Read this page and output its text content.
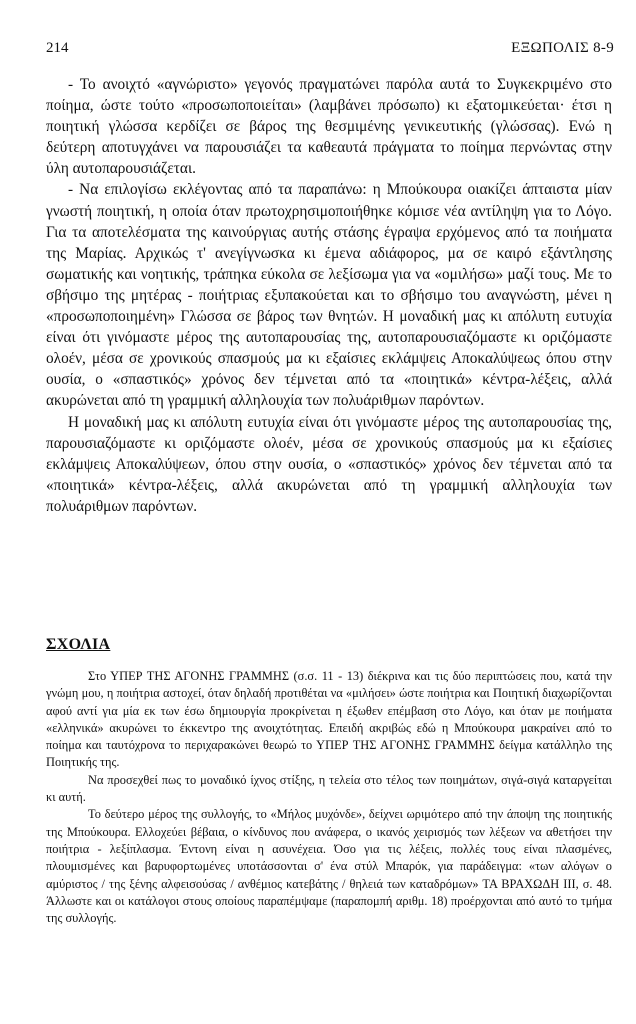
214	ΕΞΩΠΟΛΙΣ 8-9

- Το ανοιχτό «αγνώριστο» γεγονός πραγματώνει παρόλα αυτά το Συγκεκριμένο στο ποίημα, ώστε τούτο «προσωποποιείται» (λαμβάνει πρόσωπο) κι εξατομικεύεται· έτσι η ποιητική γλώσσα κερδίζει σε βάρος της θεσμιμένης γενικευτικής (γλώσσας). Ενώ η δεύτερη αποτυγχάνει να παρουσιάζει τα καθεαυτά πράγματα το ποίημα περνώντας στην ύλη αυτοπαρουσιάζεται.

- Να επιλογίσω εκλέγοντας από τα παραπάνω: η Μπούκουρα οιακίζει άπταιστα μίαν γνωστή ποιητική, η οποία όταν πρωτοχρησιμοποιήθηκε κόμισε νέα αντίληψη για το Λόγο. Για τα αποτελέσματα της καινούργιας αυτής στάσης έγραψα ερχόμενος από τα ποιήματα της Μαρίας. Αρχικώς τ' ανεγίγνωσκα κι έμενα αδιάφορος, μα σε καιρό εξάντλησης σωματικής και νοητικής, τράπηκα εύκολα σε λεξίσωμα για να «ομιλήσω» μαζί τους. Με το σβήσιμο της μητέρας - ποιήτριας εξυπακούεται και το σβήσιμο του αναγνώστη, μένει η «προσωποποιημένη» Γλώσσα σε βάρος των θνητών. Η μοναδική μας κι απόλυτη ευτυχία είναι ότι γινόμαστε μέρος της αυτοπαρουσίας της, αυτοπαρουσιαζόμαστε κι οριζόμαστε ολοέν, μέσα σε χρονικούς σπασμούς μα κι εξαίσιες εκλάμψεις Αποκαλύψεως όπου στην ουσία, ο «σπαστικός» χρόνος δεν τέμνεται από τα «ποιητικά» κέντρα-λέξεις, αλλά ακυρώνεται από τη γραμμική αλληλουχία των πολυάριθμων παρόντων.

Η μοναδική μας κι απόλυτη ευτυχία είναι ότι γινόμαστε μέρος της αυτοπαρουσίας της, παρουσιαζόμαστε κι οριζόμαστε ολοέν, μέσα σε χρονικούς σπασμούς μα κι εξαίσιες εκλάμψεις Αποκαλύψεων, όπου στην ουσία, ο «σπαστικός» χρόνος δεν τέμνεται από τα «ποιητικά» κέντρα-λέξεις, αλλά ακυρώνεται από τη γραμμική αλληλουχία των πολυάριθμων παρόντων.

ΣΧΟΛΙΑ

Στο ΥΠΕΡ ΤΗΣ ΑΓΟΝΗΣ ΓΡΑΜΜΗΣ (σ.σ. 11 - 13) διέκρινα και τις δύο περιπτώσεις που, κατά την γνώμη μου, η ποιήτρια αστοχεί, όταν δηλαδή προτιθέται να «μιλήσει» ώστε ποιήτρια και Ποιητική διαχωρίζονται αφού αντί για μία εκ των έσω δημιουργία προκρίνεται η έξωθεν επέμβαση στο Λόγο, και όταν με ποιήματα «ελληνικά» ακυρώνει το έκκεντρο της ανοιχτότητας. Επειδή ακριβώς εδώ η Μπούκουρα μακραίνει από το ποίημα και ταυτόχρονα το περιχαρακώνει θεωρώ το ΥΠΕΡ ΤΗΣ ΑΓΟΝΗΣ ΓΡΑΜΜΗΣ δείγμα κατάλληλο της Ποιητικής της.

Να προσεχθεί πως το μοναδικό ίχνος στίξης, η τελεία στο τέλος των ποιημάτων, σιγά-σιγά καταργείται κι αυτή.

Το δεύτερο μέρος της συλλογής, το «Μήλος μυχόνδε», δείχνει ωριμότερο από την άποψη της ποιητικής της Μπούκουρα. Ελλοχεύει βέβαια, ο κίνδυνος που ανάφερα, ο ικανός χειρισμός των λέξεων να αθετήσει την ποιήτρια - λεξίπλασμα. Έντονη είναι η ασυνέχεια. Όσο για τις λέξεις, πολλές τους είναι πλασμένες, πλουμισμένες και βαρυφορτωμένες υποτάσσονται σ' ένα στύλ Μπαρόκ, για παράδειγμα: «των αλόγων ο αμύριστος / της ξένης αλφεισούσας / ανθέμιος κατεβάτης / θηλειά των καταδρόμων» ΤΑ ΒΡΑΧΩΔΗ ΙΙΙ, σ. 48. Άλλωστε και οι κατάλογοι στους οποίους παραπέμψαμε (παραπομπή αριθμ. 18) προέρχονται από αυτό το τμήμα της συλλογής.
